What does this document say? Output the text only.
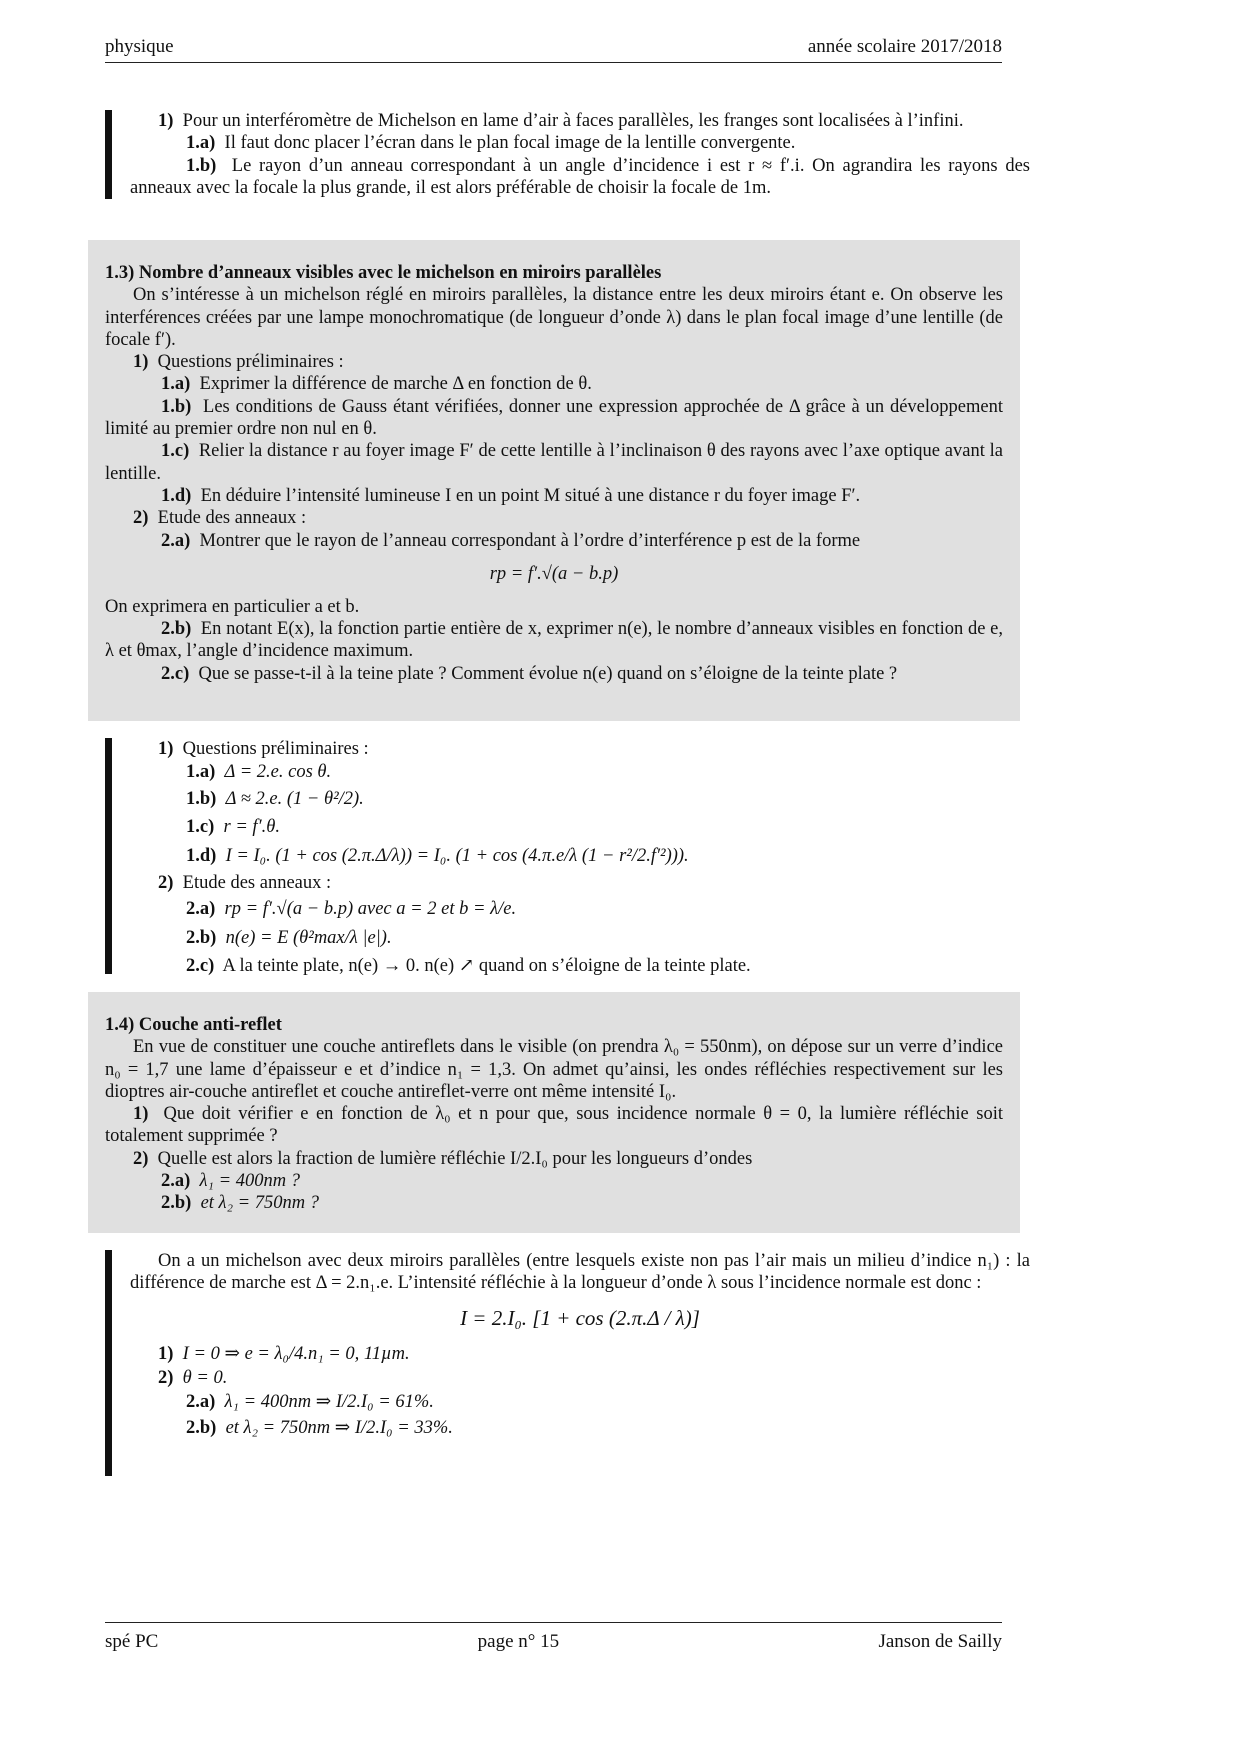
physique	année scolaire 2017/2018
1) Pour un interféromètre de Michelson en lame d’air à faces parallèles, les franges sont localisées à l’infini.
1.a) Il faut donc placer l’écran dans le plan focal image de la lentille convergente.
1.b) Le rayon d’un anneau correspondant à un angle d’incidence i est r ≈ f′.i. On agrandira les rayons des anneaux avec la focale la plus grande, il est alors préférable de choisir la focale de 1m.
1.3) Nombre d’anneaux visibles avec le michelson en miroirs parallèles
On s’intéresse à un michelson réglé en miroirs parallèles, la distance entre les deux miroirs étant e. On observe les interférences créées par une lampe monochromatique (de longueur d’onde λ) dans le plan focal image d’une lentille (de focale f′).
1) Questions préliminaires :
1.a) Exprimer la différence de marche Δ en fonction de θ.
1.b) Les conditions de Gauss étant vérifiées, donner une expression approchée de Δ grâce à un développement limité au premier ordre non nul en θ.
1.c) Relier la distance r au foyer image F′ de cette lentille à l’inclinaison θ des rayons avec l’axe optique avant la lentille.
1.d) En déduire l’intensité lumineuse I en un point M situé à une distance r du foyer image F′.
2) Etude des anneaux :
2.a) Montrer que le rayon de l’anneau correspondant à l’ordre d’interférence p est de la forme
rp = f′.√(a − b.p)
On exprimera en particulier a et b.
2.b) En notant E(x), la fonction partie entière de x, exprimer n(e), le nombre d’anneaux visibles en fonction de e, λ et θmax, l’angle d’incidence maximum.
2.c) Que se passe-t-il à la teine plate ? Comment évolue n(e) quand on s’éloigne de la teinte plate ?
1) Questions préliminaires :
1.a) Δ = 2.e. cos θ.
1.b) Δ ≈ 2.e. (1 − θ²/2).
1.c) r = f′.θ.
1.d) I = I₀. (1 + cos (2.π.Δ/λ)) = I₀. (1 + cos (4.π.e/λ (1 − r²/2.f′²))).
2) Etude des anneaux :
2.a) rp = f′.√(a − b.p) avec a = 2 et b = λ/e.
2.b) n(e) = E (θ²max/λ |e|).
2.c) A la teinte plate, n(e) → 0. n(e) ↗ quand on s’éloigne de la teinte plate.
1.4) Couche anti-reflet
En vue de constituer une couche antireflets dans le visible (on prendra λ₀ = 550nm), on dépose sur un verre d’indice n₀ = 1,7 une lame d’épaisseur e et d’indice n₁ = 1,3. On admet qu’ainsi, les ondes réfléchies respectivement sur les dioptres air-couche antireflet et couche antireflet-verre ont même intensité I₀.
1) Que doit vérifier e en fonction de λ₀ et n pour que, sous incidence normale θ = 0, la lumière réfléchie soit totalement supprimée ?
2) Quelle est alors la fraction de lumière réfléchie I/2.I₀ pour les longueurs d’ondes
2.a) λ₁ = 400nm ?
2.b) et λ₂ = 750nm ?
On a un michelson avec deux miroirs parallèles (entre lesquels existe non pas l’air mais un milieu d’indice n₁) : la différence de marche est Δ = 2.n₁.e. L’intensité réfléchie à la longueur d’onde λ sous l’incidence normale est donc :
I = 2.I₀. [1 + cos (2.π.Δ / λ)]
1) I = 0 ⇒ e = λ₀/4.n₁ = 0, 11µm.
2) θ = 0.
2.a) λ₁ = 400nm ⇒ I/2.I₀ = 61%.
2.b) et λ₂ = 750nm ⇒ I/2.I₀ = 33%.
spé PC	page n° 15	Janson de Sailly
